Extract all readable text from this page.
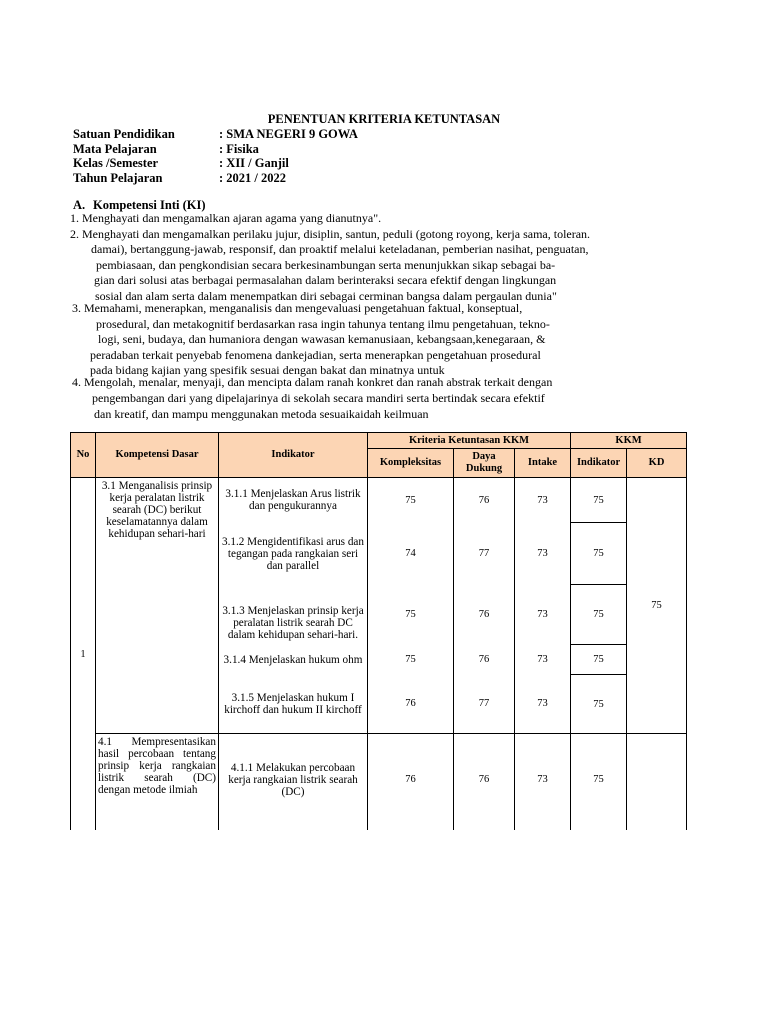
PENENTUAN KRITERIA KETUNTASAN
Satuan Pendidikan	: SMA NEGERI 9 GOWA
Mata Pelajaran	: Fisika
Kelas /Semester	: XII / Ganjil
Tahun Pelajaran	: 2021 / 2022
A. Kompetensi Inti (KI)
1. Menghayati dan mengamalkan ajaran agama yang dianutnya".
2. Menghayati dan mengamalkan perilaku jujur, disiplin, santun, peduli (gotong royong, kerja sama, toleran.
damai), bertanggung-jawab, responsif, dan proaktif melalui keteladanan, pemberian nasihat, penguatan,
pembiasaan, dan pengkondisian secara berkesinambungan serta menunjukkan sikap sebagai ba-
gian dari solusi atas berbagai permasalahan dalam berinteraksi secara efektif dengan lingkungan
sosial dan alam serta dalam menempatkan diri sebagai cerminan bangsa dalam pergaulan dunia"
3. Memahami, menerapkan, menganalisis dan mengevaluasi pengetahuan faktual, konseptual,
prosedural, dan metakognitif berdasarkan rasa ingin tahunya tentang ilmu pengetahuan, tekno-
logi, seni, budaya, dan humaniora dengan wawasan kemanusiaan, kebangsaan,kenegaraan, &
peradaban terkait penyebab fenomena dankejadian, serta menerapkan pengetahuan prosedural
pada bidang kajian yang spesifik sesuai dengan bakat dan minatnya untuk
4. Mengolah, menalar, menyaji, dan mencipta dalam ranah konkret dan ranah abstrak terkait dengan
pengembangan dari yang dipelajarinya di sekolah secara mandiri serta bertindak secara efektif
dan kreatif, dan mampu menggunakan metoda sesuaikaidah keilmuan
No	Kompetensi Dasar	Indikator	Kriteria Ketuntasan KKM			KKM	
			Kompleksitas	Daya Dukung	Intake	Indikator	KD
1	3.1 Menganalisis prinsip kerja peralatan listrik searah (DC) berikut keselamatannya dalam kehidupan sehari-hari	3.1.1 Menjelaskan Arus listrik dan pengukurannya	75	76	73	75	75
		3.1.2 Mengidentifikasi arus dan tegangan pada rangkaian seri dan parallel	74	77	73	75	
		3.1.3 Menjelaskan prinsip kerja peralatan listrik searah DC dalam kehidupan sehari-hari.	75	76	73	75	
		3.1.4 Menjelaskan hukum ohm	75	76	73	75	
		3.1.5 Menjelaskan hukum I kirchoff dan hukum II kirchoff	76	77	73	75	

	4.1 Mempresentasikan hasil percobaan tentang prinsip kerja rangkaian listrik searah (DC) dengan metode ilmiah	4.1.1 Melakukan percobaan kerja rangkaian listrik searah (DC)	76	76	73	75	
